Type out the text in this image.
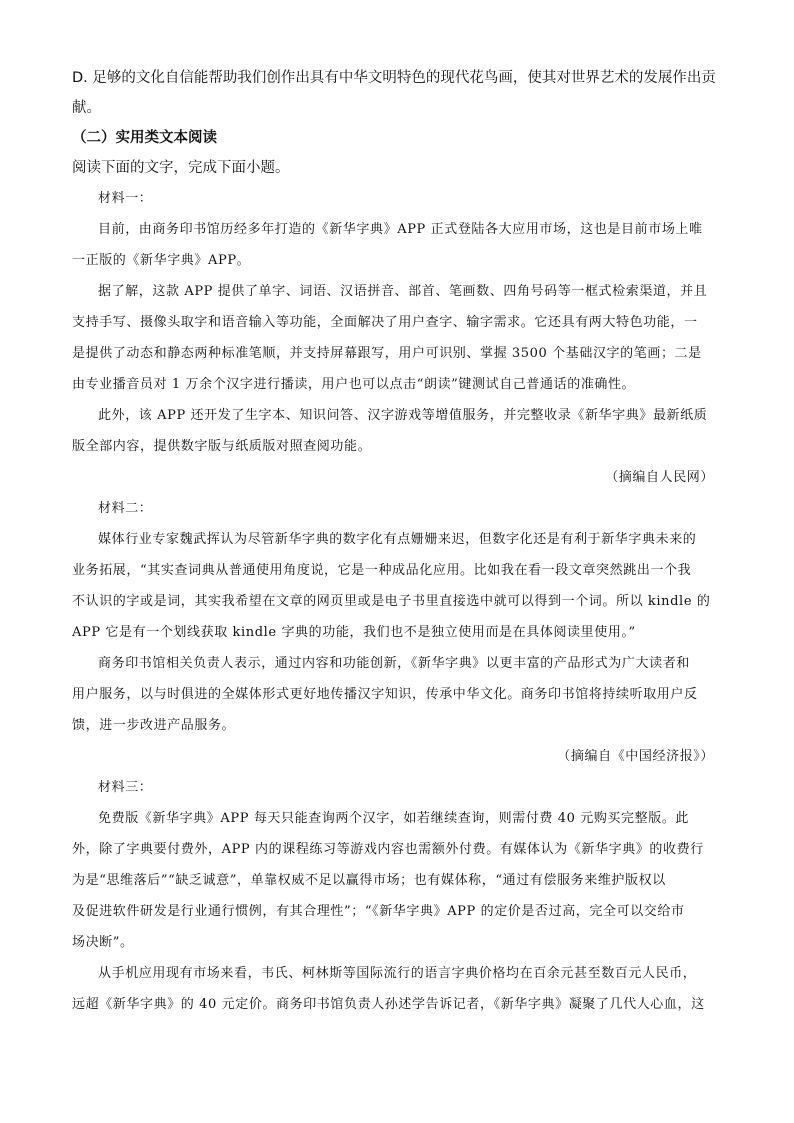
D. 足够的文化自信能帮助我们创作出具有中华文明特色的现代花鸟画，使其对世界艺术的发展作出贡
献。
（二）实用类文本阅读
阅读下面的文字，完成下面小题。
材料一：
目前，由商务印书馆历经多年打造的《新华字典》APP 正式登陆各大应用市场，这也是目前市场上唯
一正版的《新华字典》APP。
据了解，这款 APP 提供了单字、词语、汉语拼音、部首、笔画数、四角号码等一框式检索渠道，并且
支持手写、摄像头取字和语音输入等功能，全面解决了用户查字、输字需求。它还具有两大特色功能，一
是提供了动态和静态两种标准笔顺，并支持屏幕跟写，用户可识别、掌握 3500 个基础汉字的笔画；二是
由专业播音员对 1 万余个汉字进行播读，用户也可以点击“朗读”键测试自己普通话的准确性。
此外，该 APP 还开发了生字本、知识问答、汉字游戏等增值服务，并完整收录《新华字典》最新纸质
版全部内容，提供数字版与纸质版对照查阅功能。
（摘编自人民网）
材料二：
媒体行业专家魏武挥认为尽管新华字典的数字化有点姗姗来迟，但数字化还是有利于新华字典未来的
业务拓展，“其实查词典从普通使用角度说，它是一种成品化应用。比如我在看一段文章突然跳出一个我
不认识的字或是词，其实我希望在文章的网页里或是电子书里直接选中就可以得到一个词。所以 kindle 的
APP 它是有一个划线获取 kindle 字典的功能，我们也不是独立使用而是在具体阅读里使用。”
商务印书馆相关负责人表示，通过内容和功能创新，《新华字典》以更丰富的产品形式为广大读者和
用户服务，以与时俱进的全媒体形式更好地传播汉字知识，传承中华文化。商务印书馆将持续听取用户反
馈，进一步改进产品服务。
（摘编自《中国经济报》）
材料三：
免费版《新华字典》APP 每天只能查询两个汉字，如若继续查询，则需付费 40 元购买完整版。此
外，除了字典要付费外，APP 内的课程练习等游戏内容也需额外付费。有媒体认为《新华字典》的收费行
为是“思维落后”“缺乏诚意”，单靠权威不足以赢得市场；也有媒体称，“通过有偿服务来维护版权以
及促进软件研发是行业通行惯例，有其合理性”；“《新华字典》APP 的定价是否过高，完全可以交给市
场决断”。
从手机应用现有市场来看，韦氏、柯林斯等国际流行的语言字典价格均在百余元甚至数百元人民币，
远超《新华字典》的 40 元定价。商务印书馆负责人孙述学告诉记者，《新华字典》凝聚了几代人心血，这
